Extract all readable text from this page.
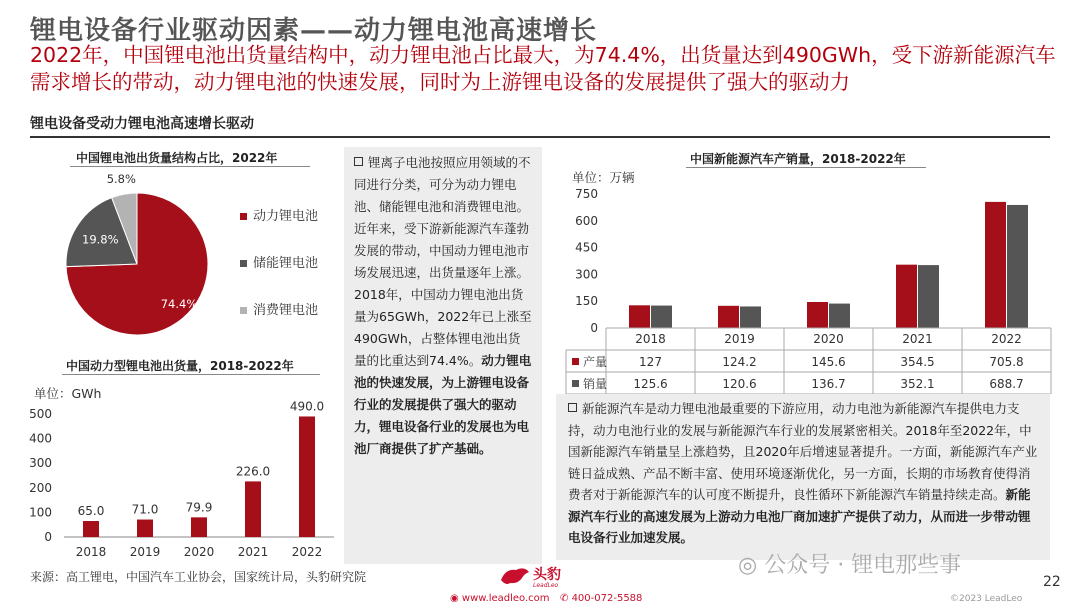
锂电设备行业驱动因素——动力锂电池高速增长
2022年，中国锂电池出货量结构中，动力锂电池占比最大，为74.4%，出货量达到490GWh，受下游新能源汽车需求增长的带动，动力锂电池的快速发展，同时为上游锂电设备的发展提供了强大的驱动力
锂电设备受动力锂电池高速增长驱动
中国锂电池出货量结构占比，2022年
74.4%
19.8%
5.8%
动力锂电池
储能锂电池
消费锂电池
中国动力型锂电池出货量，2018-2022年
单位：GWh
0
100
200
300
400
500
65.0
2018
71.0
2019
79.9
2020
226.0
2021
490.0
2022
锂离子电池按照应用领域的不同进行分类，可分为动力锂电池、储能锂电池和消费锂电池。近年来，受下游新能源汽车蓬勃发展的带动，中国动力锂电池市场发展迅速，出货量逐年上涨。2018年，中国动力锂电池出货量为65GWh，2022年已上涨至490GWh，占整体锂电池出货量的比重达到74.4%。动力锂电池的快速发展，为上游锂电设备行业的发展提供了强大的驱动力，锂电设备行业的发展也为电池厂商提供了扩产基础。
中国新能源汽车产销量，2018-2022年
单位：万辆
0
150
300
450
600
750
2018	2019	2020	2021	2022
产量	127	124.2	145.6	354.5	705.8
销量 125.6	120.6	136.7	352.1	688.7
新能源汽车是动力锂电池最重要的下游应用，动力电池为新能源汽车提供电力支持，动力电池行业的发展与新能源汽车行业的发展紧密相关。2018年至2022年，中国新能源汽车销量呈上涨趋势，且2020年后增速显著提升。一方面，新能源汽车产业链日益成熟、产品不断丰富、使用环境逐渐优化，另一方面，长期的市场教育使得消费者对于新能源汽车的认可度不断提升，良性循环下新能源汽车销量持续走高。新能源汽车行业的高速发展为上游动力电池厂商加速扩产提供了动力，从而进一步带动锂电设备行业加速发展。
来源：高工锂电，中国汽车工业协会，国家统计局，头豹研究院	头豹
LeadLeo
◉ www.leadleo.com ✆ 400-072-5588
◎ 公众号 · 锂电那些事
22
©2023 LeadLeo
